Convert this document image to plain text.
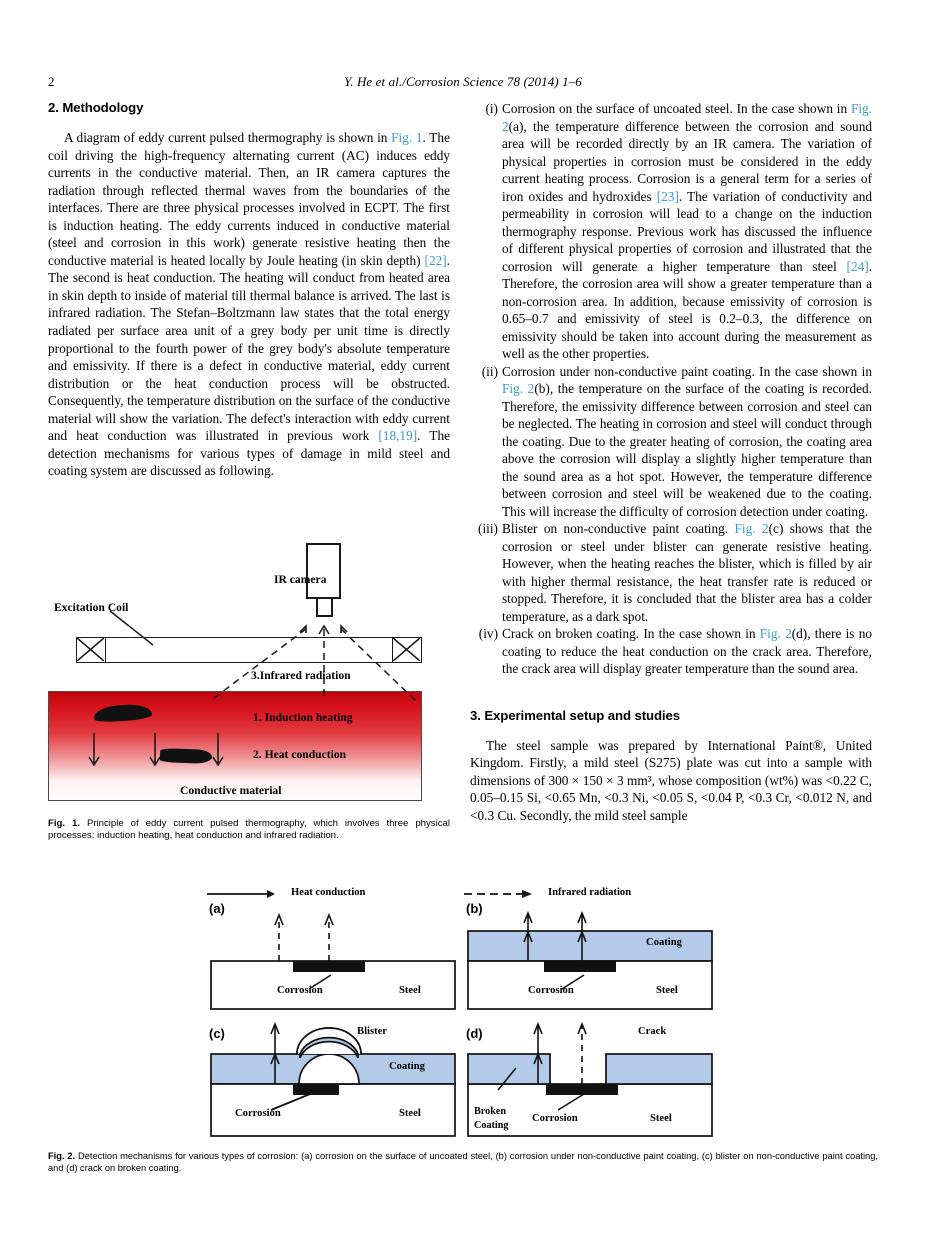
2	Y. He et al./Corrosion Science 78 (2014) 1–6
2. Methodology

A diagram of eddy current pulsed thermography is shown in Fig. 1. The coil driving the high-frequency alternating current (AC) induces eddy currents in the conductive material. Then, an IR camera captures the radiation through reflected thermal waves from the boundaries of the interfaces. There are three physical processes involved in ECPT. The first is induction heating. The eddy currents induced in conductive material (steel and corrosion in this work) generate resistive heating then the conductive material is heated locally by Joule heating (in skin depth) [22]. The second is heat conduction. The heating will conduct from heated area in skin depth to inside of material till thermal balance is arrived. The last is infrared radiation. The Stefan–Boltzmann law states that the total energy radiated per surface area unit of a grey body per unit time is directly proportional to the fourth power of the grey body's absolute temperature and emissivity. If there is a defect in conductive material, eddy current distribution or the heat conduction process will be obstructed. Consequently, the temperature distribution on the surface of the conductive material will show the variation. The defect's interaction with eddy current and heat conduction was illustrated in previous work [18,19]. The detection mechanisms for various types of damage in mild steel and coating system are discussed as following.

IR camera
Excitation Coil
3.Infrared radiation
1. Induction heating
2. Heat conduction
Conductive material
Fig. 1. Principle of eddy current pulsed thermography, which involves three physical processes: induction heating, heat conduction and infrared radiation.
(i) Corrosion on the surface of uncoated steel. In the case shown in Fig. 2(a), the temperature difference between the corrosion and sound area will be recorded directly by an IR camera. The variation of physical properties in corrosion must be considered in the eddy current heating process. Corrosion is a general term for a series of iron oxides and hydroxides [23]. The variation of conductivity and permeability in corrosion will lead to a change on the induction thermography response. Previous work has discussed the influence of different physical properties of corrosion and illustrated that the corrosion will generate a higher temperature than steel [24]. Therefore, the corrosion area will show a greater temperature than a non-corrosion area. In addition, because emissivity of corrosion is 0.65–0.7 and emissivity of steel is 0.2–0.3, the difference on emissivity should be taken into account during the measurement as well as the other properties.
(ii) Corrosion under non-conductive paint coating. In the case shown in Fig. 2(b), the temperature on the surface of the coating is recorded. Therefore, the emissivity difference between corrosion and steel can be neglected. The heating in corrosion and steel will conduct through the coating. Due to the greater heating of corrosion, the coating area above the corrosion will display a slightly higher temperature than the sound area as a hot spot. However, the temperature difference between corrosion and steel will be weakened due to the coating. This will increase the difficulty of corrosion detection under coating.
(iii) Blister on non-conductive paint coating. Fig. 2(c) shows that the corrosion or steel under blister can generate resistive heating. However, when the heating reaches the blister, which is filled by air with higher thermal resistance, the heat transfer rate is reduced or stopped. Therefore, it is concluded that the blister area has a colder temperature, as a dark spot.
(iv) Crack on broken coating. In the case shown in Fig. 2(d), there is no coating to reduce the heat conduction on the crack area. Therefore, the crack area will display greater temperature than the sound area.
3. Experimental setup and studies

The steel sample was prepared by International Paint®, United Kingdom. Firstly, a mild steel (S275) plate was cut into a sample with dimensions of 300 × 150 × 3 mm³, whose composition (wt%) was <0.22 C, 0.05–0.15 Si, <0.65 Mn, <0.3 Ni, <0.05 S, <0.04 P, <0.3 Cr, <0.012 N, and <0.3 Cu. Secondly, the mild steel sample

(a)
Heat conduction
Corrosion	Steel
(b)
Infrared radiation
Coating
Corrosion	Steel
(c)	Blister
Coating
Corrosion	Steel
(d)	Crack
Broken
Coating
Corrosion	Steel
Fig. 2. Detection mechanisms for various types of corrosion: (a) corrosion on the surface of uncoated steel, (b) corrosion under non-conductive paint coating, (c) blister on non-conductive paint coating, and (d) crack on broken coating.
